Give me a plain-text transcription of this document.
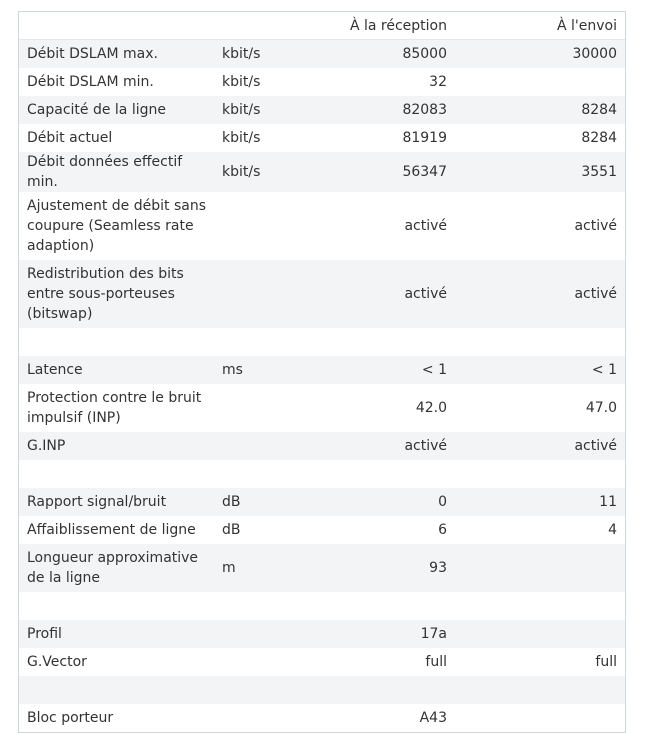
		À la réception	À l'envoi
Débit DSLAM max.	kbit/s	85000	30000
Débit DSLAM min.	kbit/s	32	
Capacité de la ligne	kbit/s	82083	8284
Débit actuel	kbit/s	81919	8284
Débit données effectif min.	kbit/s	56347	3551
Ajustement de débit sans coupure (Seamless rate adaption)		activé	activé
Redistribution des bits entre sous-porteuses (bitswap)		activé	activé

Latence	ms	< 1	< 1
Protection contre le bruit impulsif (INP)		42.0	47.0
G.INP		activé	activé

Rapport signal/bruit	dB	0	11
Affaiblissement de ligne	dB	6	4
Longueur approximative de la ligne	m	93	

Profil		17a	
G.Vector		full	full

Bloc porteur		A43	
